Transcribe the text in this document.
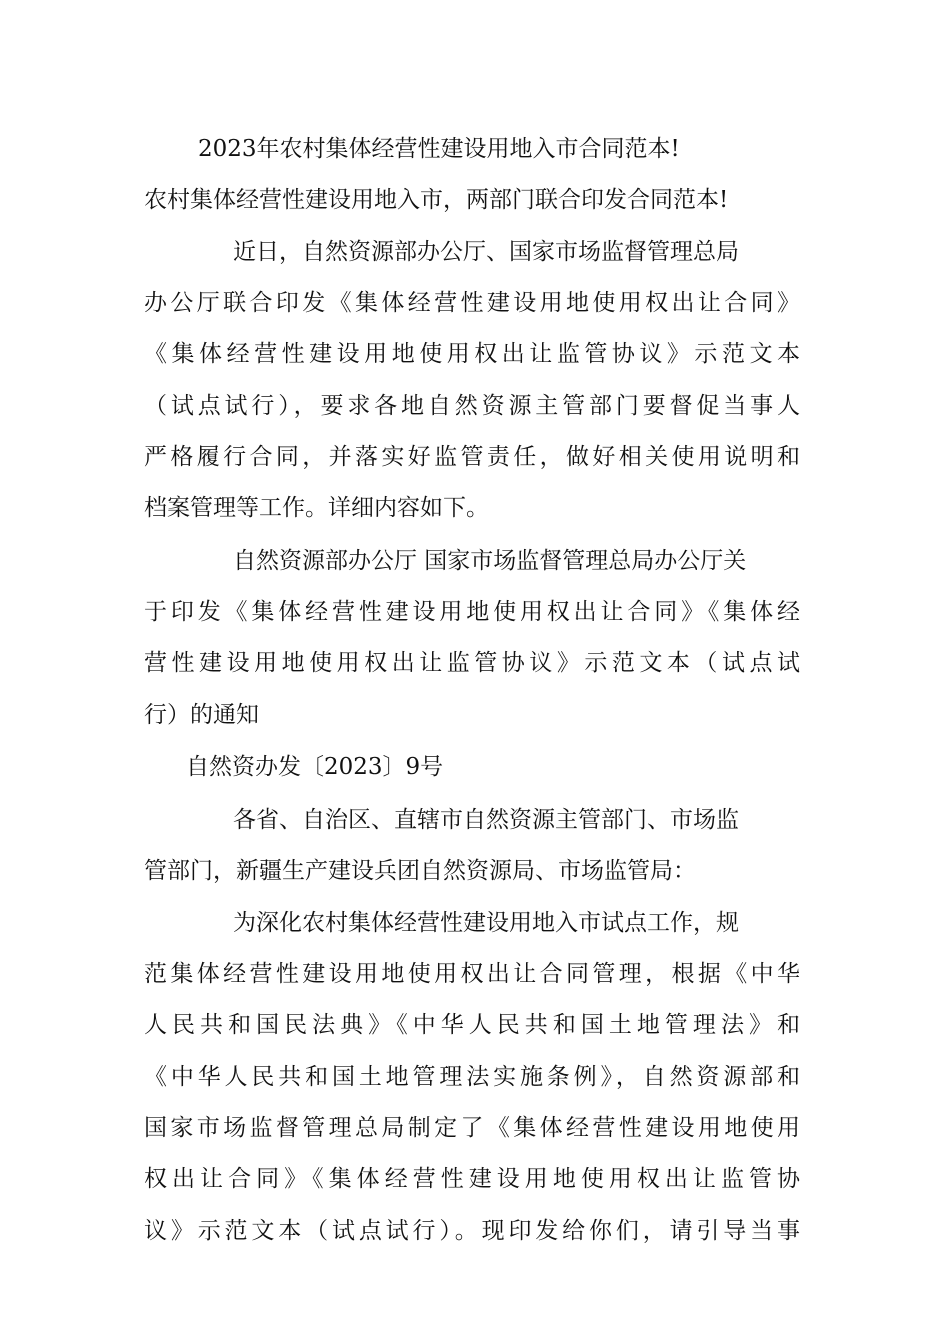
2023年农村集体经营性建设用地入市合同范本!

农村集体经营性建设用地入市，两部门联合印发合同范本!

近日，自然资源部办公厅、国家市场监督管理总局

办公厅联合印发《集体经营性建设用地使用权出让合同》

《集体经营性建设用地使用权出让监管协议》示范文本

（试点试行），要求各地自然资源主管部门要督促当事人

严格履行合同，并落实好监管责任，做好相关使用说明和

档案管理等工作。详细内容如下。

自然资源部办公厅 国家市场监督管理总局办公厅关

于印发《集体经营性建设用地使用权出让合同》《集体经

营性建设用地使用权出让监管协议》示范文本（试点试

行）的通知

自然资办发〔2023〕9号

各省、自治区、直辖市自然资源主管部门、市场监

管部门，新疆生产建设兵团自然资源局、市场监管局：

为深化农村集体经营性建设用地入市试点工作，规

范集体经营性建设用地使用权出让合同管理，根据《中华

人民共和国民法典》《中华人民共和国土地管理法》和

《中华人民共和国土地管理法实施条例》，自然资源部和

国家市场监督管理总局制定了《集体经营性建设用地使用

权出让合同》《集体经营性建设用地使用权出让监管协

议》示范文本（试点试行）。现印发给你们，请引导当事
